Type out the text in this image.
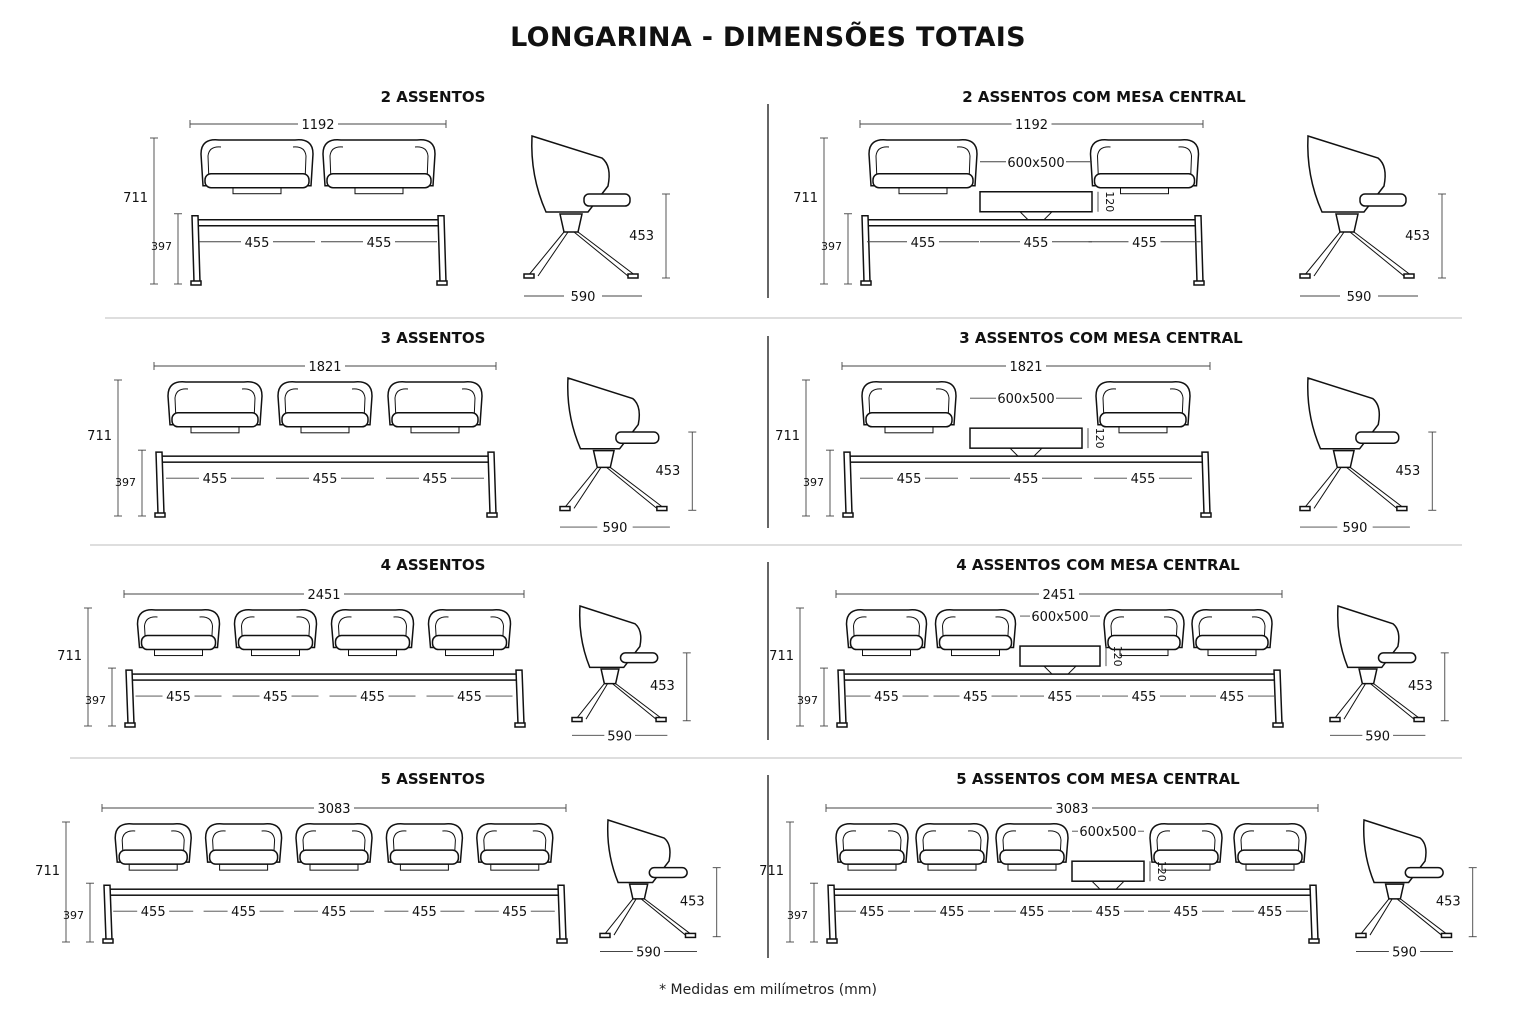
LONGARINA - DIMENSÕES TOTAIS
2 ASSENTOS
1192
455	455
711
397
453
590
2 ASSENTOS COM MESA CENTRAL
1192
600x500
120
455	455
455
711
397
453
590
3 ASSENTOS
1821
455	455	455
711
397
453
590
3 ASSENTOS COM MESA CENTRAL
1821
600x500
120
455	455
455
711
397
453
590
4 ASSENTOS
2451
455	455	455	455
711
397
453
590
4 ASSENTOS COM MESA CENTRAL
2451
600x500
120
455	455	455	455
455
711
397
453
590
5 ASSENTOS
3083
455	455	455	455	455
711
397
453
590
5 ASSENTOS COM MESA CENTRAL
3083
600x500
120
455	455	455	455	455
455
711
397
453
590
* Medidas em milímetros (mm)
